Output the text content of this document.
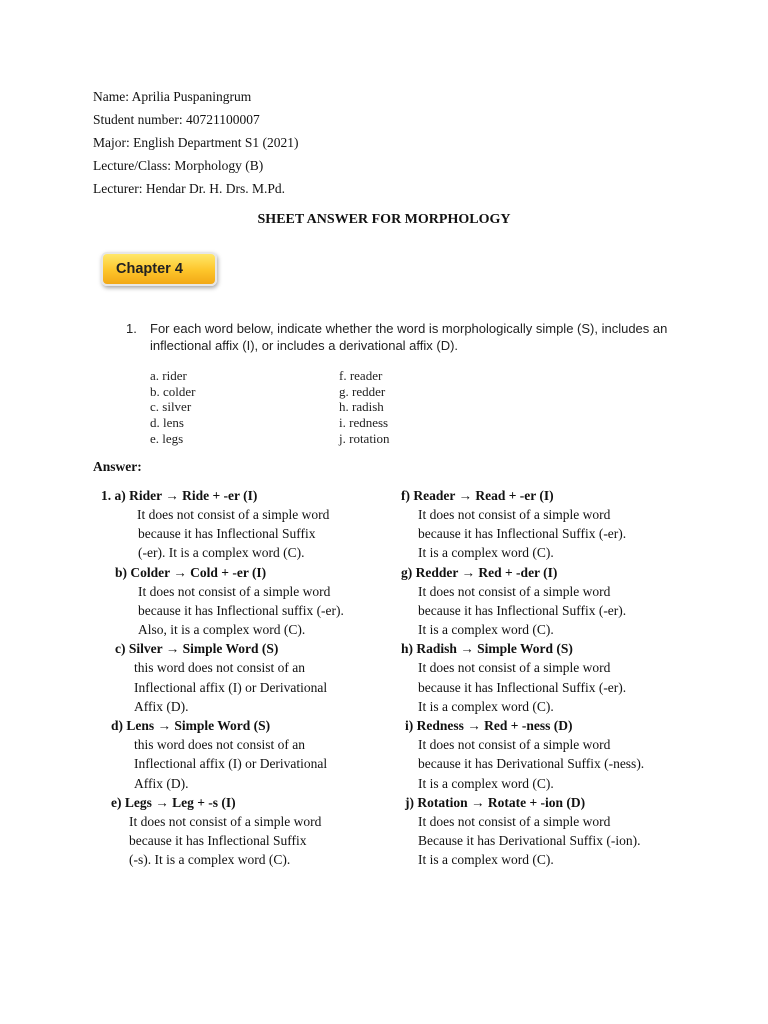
Name: Aprilia Puspaningrum
Student number: 40721100007
Major: English Department S1 (2021)
Lecture/Class: Morphology (B)
Lecturer: Hendar Dr. H. Drs. M.Pd.
SHEET ANSWER FOR MORPHOLOGY
Chapter 4
1. For each word below, indicate whether the word is morphologically simple (S), includes an
inflectional affix (I), or includes a derivational affix (D).
a. rider
b. colder
c. silver
d. lens
e. legs
f. reader
g. redder
h. radish
i. redness
j. rotation
Answer:
1. a) Rider → Ride + -er (I)
It does not consist of a simple word
because it has Inflectional Suffix
(-er). It is a complex word (C).
b) Colder → Cold + -er (I)
It does not consist of a simple word
because it has Inflectional suffix (-er).
Also, it is a complex word (C).
c) Silver → Simple Word (S)
this word does not consist of an
Inflectional affix (I) or Derivational
Affix (D).
d) Lens → Simple Word (S)
this word does not consist of an
Inflectional affix (I) or Derivational
Affix (D).
e) Legs → Leg + -s (I)
It does not consist of a simple word
because it has Inflectional Suffix
(-s). It is a complex word (C).
f) Reader → Read + -er (I)
It does not consist of a simple word
because it has Inflectional Suffix (-er).
It is a complex word (C).
g) Redder → Red + -der (I)
It does not consist of a simple word
because it has Inflectional Suffix (-er).
It is a complex word (C).
h) Radish → Simple Word (S)
It does not consist of a simple word
because it has Inflectional Suffix (-er).
It is a complex word (C).
i) Redness → Red + -ness (D)
It does not consist of a simple word
because it has Derivational Suffix (-ness).
It is a complex word (C).
j) Rotation → Rotate + -ion (D)
It does not consist of a simple word
Because it has Derivational Suffix (-ion).
It is a complex word (C).
